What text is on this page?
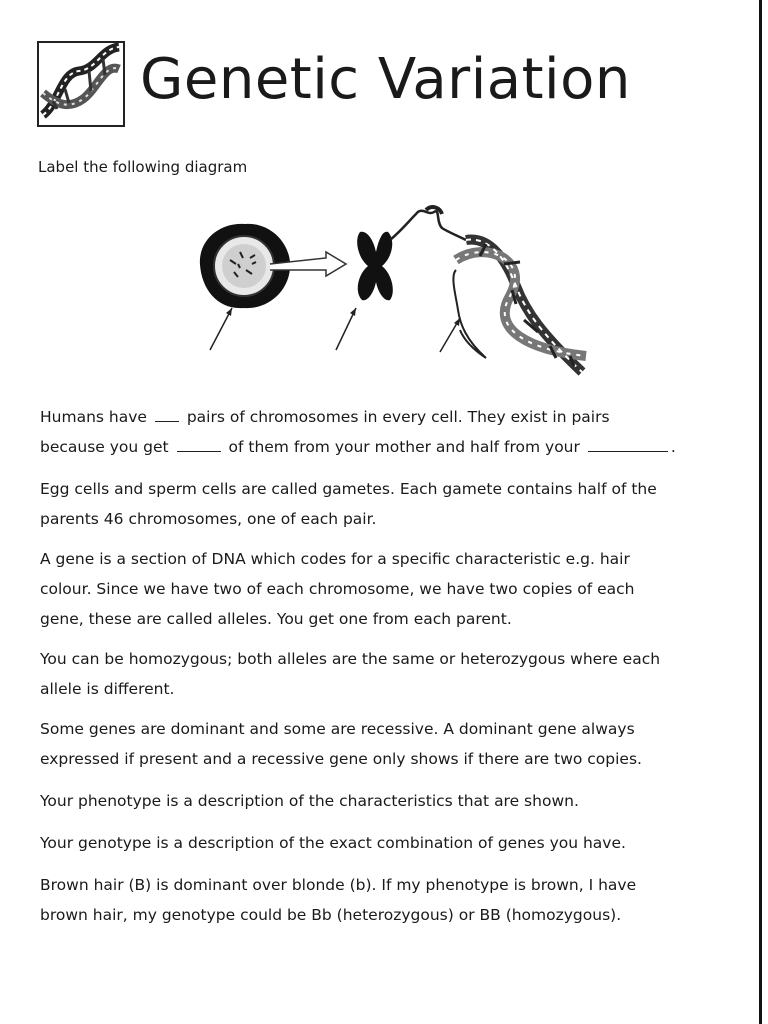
Genetic Variation

Label the following diagram

Humans have	pairs of chromosomes in every cell. They exist in pairs
because you get	of them from your mother and half from your	.
Egg cells and sperm cells are called gametes. Each gamete contains half of the
parents 46 chromosomes, one of each pair.
A gene is a section of DNA which codes for a specific characteristic e.g. hair
colour. Since we have two of each chromosome, we have two copies of each
gene, these are called alleles. You get one from each parent.
You can be homozygous; both alleles are the same or heterozygous where each
allele is different.
Some genes are dominant and some are recessive. A dominant gene always
expressed if present and a recessive gene only shows if there are two copies.
Your phenotype is a description of the characteristics that are shown.
Your genotype is a description of the exact combination of genes you have.
Brown hair (B) is dominant over blonde (b). If my phenotype is brown, I have
brown hair, my genotype could be Bb (heterozygous) or BB (homozygous).
